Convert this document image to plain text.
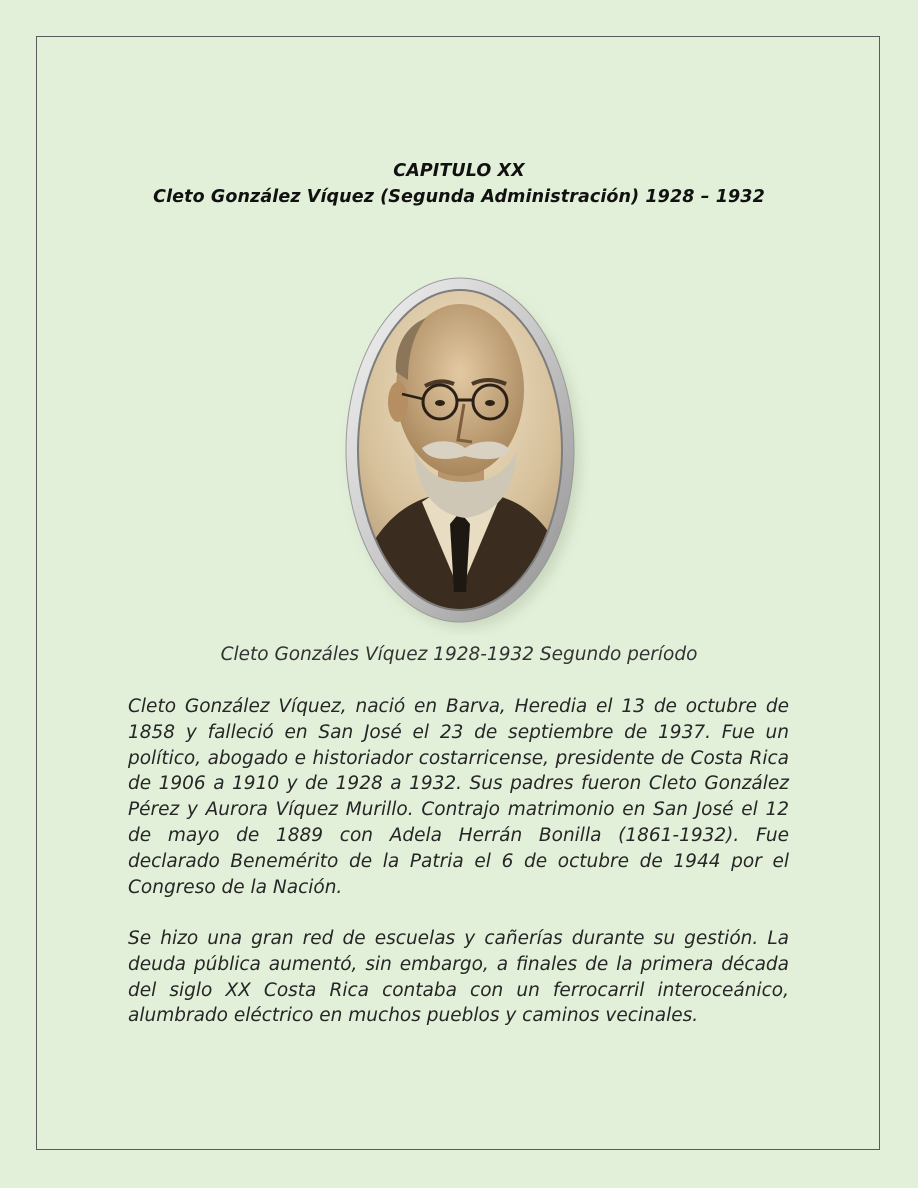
CAPITULO XX
Cleto González Víquez (Segunda Administración) 1928 – 1932
Cleto Gonzáles Víquez 1928-1932 Segundo período

Cleto González Víquez, nació en Barva, Heredia el 13 de octubre de 1858 y falleció en San José el 23 de septiembre de 1937. Fue un político, abogado e historiador costarricense, presidente de Costa Rica de 1906 a 1910 y de 1928 a 1932. Sus padres fueron Cleto González Pérez y Aurora Víquez Murillo. Contrajo matrimonio en San José el 12 de mayo de 1889 con Adela Herrán Bonilla (1861-1932). Fue declarado Benemérito de la Patria el 6 de octubre de 1944 por el Congreso de la Nación.

Se hizo una gran red de escuelas y cañerías durante su gestión. La deuda pública aumentó, sin embargo, a finales de la primera década del siglo XX Costa Rica contaba con un ferrocarril interoceánico, alumbrado eléctrico en muchos pueblos y caminos vecinales.
